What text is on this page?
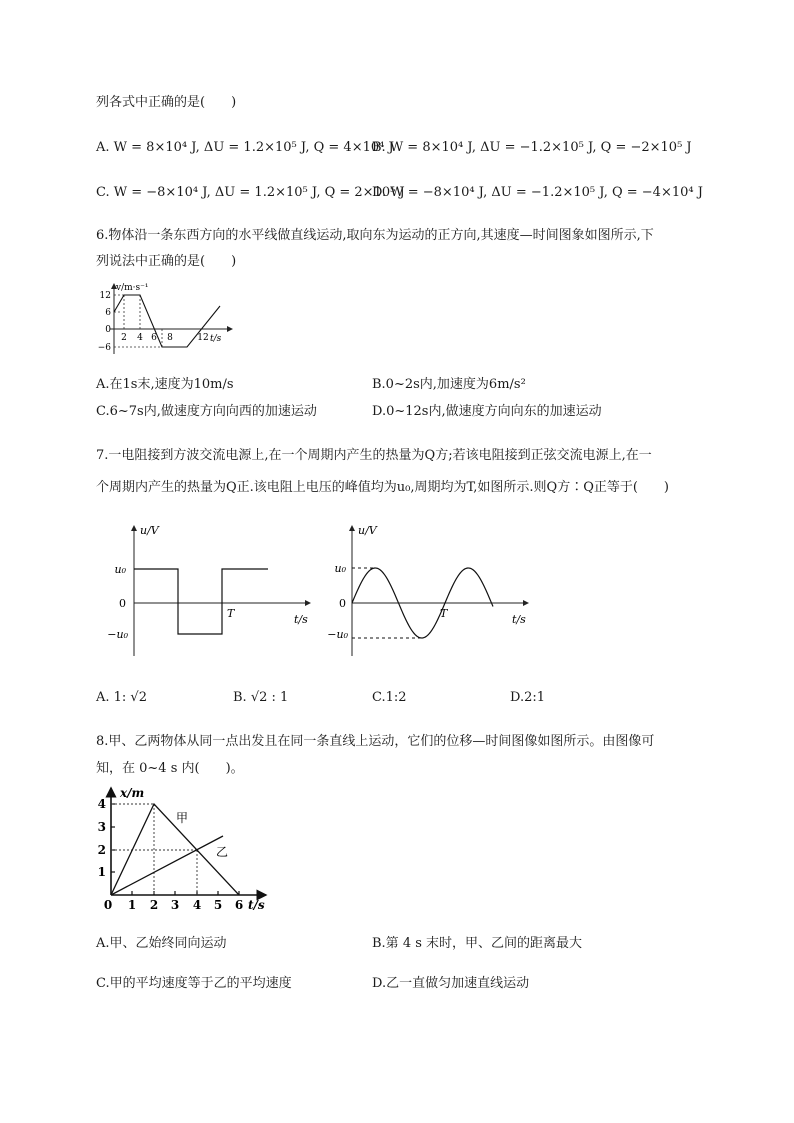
列各式中正确的是(　　)
A. W = 8×10⁴ J, ΔU = 1.2×10⁵ J, Q = 4×10⁴ J
B. W = 8×10⁴ J, ΔU = −1.2×10⁵ J, Q = −2×10⁵ J
C. W = −8×10⁴ J, ΔU = 1.2×10⁵ J, Q = 2×10⁵ J
D. W = −8×10⁴ J, ΔU = −1.2×10⁵ J, Q = −4×10⁴ J
6.物体沿一条东西方向的水平线做直线运动,取向东为运动的正方向,其速度—时间图象如图所示,下
列说法中正确的是(　　)
v/m·s⁻¹
t/s
12
6
0
−6
2 4 6 8	12
A.在1s末,速度为10m/s	B.0~2s内,加速度为6m/s²
C.6~7s内,做速度方向向西的加速运动	D.0~12s内,做速度方向向东的加速运动
7.一电阻接到方波交流电源上,在一个周期内产生的热量为Q方;若该电阻接到正弦交流电源上,在一
个周期内产生的热量为Q正.该电阻上电压的峰值均为u₀,周期均为T,如图所示.则Q方∶Q正等于(　　)
u/V
u₀
0
−u₀
T	t/s
u/V
u₀
0
−u₀
T	t/s
A. 1: √2	B. √2 : 1	C.1:2	D.2:1
8.甲、乙两物体从同一点出发且在同一条直线上运动，它们的位移—时间图像如图所示。由图像可
知，在 0~4 s 内(　　)。
x/m
4
3
2
1
0 1 2 3 4 5 6 t/s
甲
乙
A.甲、乙始终同向运动	B.第 4 s 末时，甲、乙间的距离最大
C.甲的平均速度等于乙的平均速度	D.乙一直做匀加速直线运动
